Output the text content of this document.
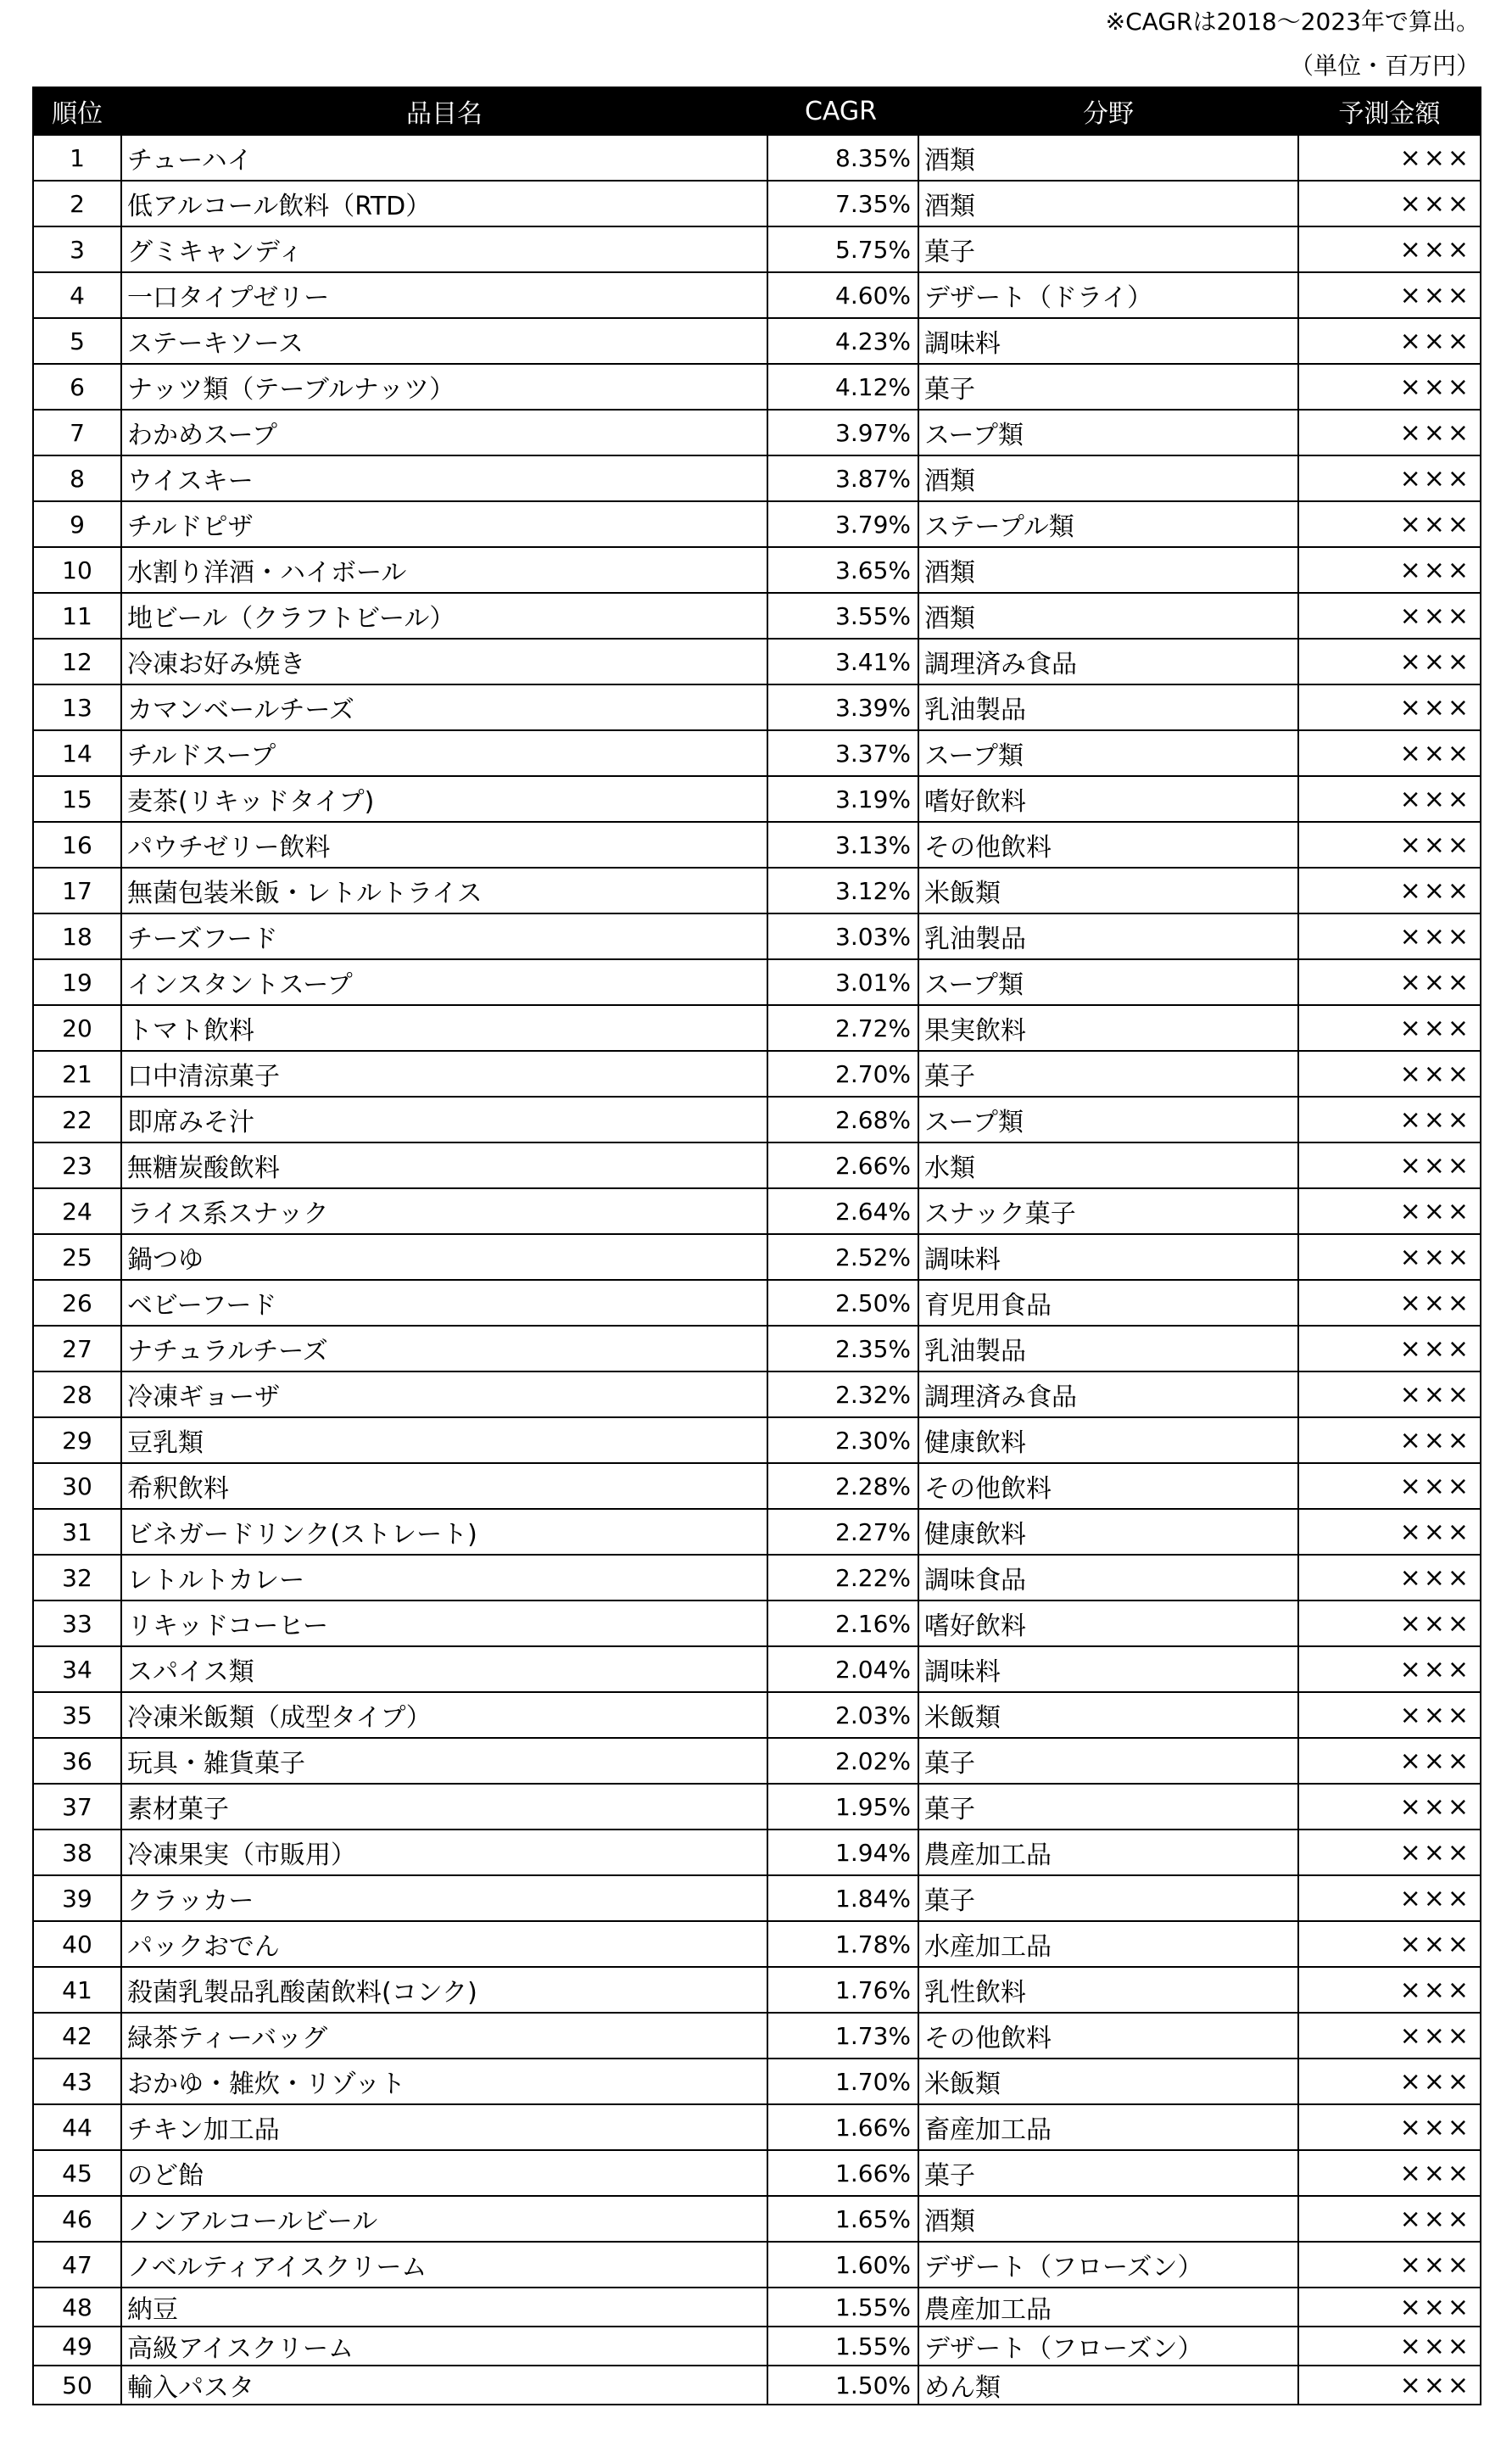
※CAGRは2018～2023年で算出。
（単位・百万円）
順位	品目名	CAGR	分野	予測金額
1	チューハイ	8.35%	酒類	×××
2	低アルコール飲料（RTD）	7.35%	酒類	×××
3	グミキャンディ	5.75%	菓子	×××
4	一口タイプゼリー	4.60%	デザート（ドライ）	×××
5	ステーキソース	4.23%	調味料	×××
6	ナッツ類（テーブルナッツ）	4.12%	菓子	×××
7	わかめスープ	3.97%	スープ類	×××
8	ウイスキー	3.87%	酒類	×××
9	チルドピザ	3.79%	ステープル類	×××
10	水割り洋酒・ハイボール	3.65%	酒類	×××
11	地ビール（クラフトビール）	3.55%	酒類	×××
12	冷凍お好み焼き	3.41%	調理済み食品	×××
13	カマンベールチーズ	3.39%	乳油製品	×××
14	チルドスープ	3.37%	スープ類	×××
15	麦茶(リキッドタイプ)	3.19%	嗜好飲料	×××
16	パウチゼリー飲料	3.13%	その他飲料	×××
17	無菌包装米飯・レトルトライス	3.12%	米飯類	×××
18	チーズフード	3.03%	乳油製品	×××
19	インスタントスープ	3.01%	スープ類	×××
20	トマト飲料	2.72%	果実飲料	×××
21	口中清涼菓子	2.70%	菓子	×××
22	即席みそ汁	2.68%	スープ類	×××
23	無糖炭酸飲料	2.66%	水類	×××
24	ライス系スナック	2.64%	スナック菓子	×××
25	鍋つゆ	2.52%	調味料	×××
26	ベビーフード	2.50%	育児用食品	×××
27	ナチュラルチーズ	2.35%	乳油製品	×××
28	冷凍ギョーザ	2.32%	調理済み食品	×××
29	豆乳類	2.30%	健康飲料	×××
30	希釈飲料	2.28%	その他飲料	×××
31	ビネガードリンク(ストレート)	2.27%	健康飲料	×××
32	レトルトカレー	2.22%	調味食品	×××
33	リキッドコーヒー	2.16%	嗜好飲料	×××
34	スパイス類	2.04%	調味料	×××
35	冷凍米飯類（成型タイプ）	2.03%	米飯類	×××
36	玩具・雑貨菓子	2.02%	菓子	×××
37	素材菓子	1.95%	菓子	×××
38	冷凍果実（市販用）	1.94%	農産加工品	×××
39	クラッカー	1.84%	菓子	×××
40	パックおでん	1.78%	水産加工品	×××
41	殺菌乳製品乳酸菌飲料(コンク)	1.76%	乳性飲料	×××
42	緑茶ティーバッグ	1.73%	その他飲料	×××
43	おかゆ・雑炊・リゾット	1.70%	米飯類	×××
44	チキン加工品	1.66%	畜産加工品	×××
45	のど飴	1.66%	菓子	×××
46	ノンアルコールビール	1.65%	酒類	×××
47	ノベルティアイスクリーム	1.60%	デザート（フローズン）	×××
48	納豆	1.55%	農産加工品	×××
49	高級アイスクリーム	1.55%	デザート（フローズン）	×××
50	輸入パスタ	1.50%	めん類	×××
